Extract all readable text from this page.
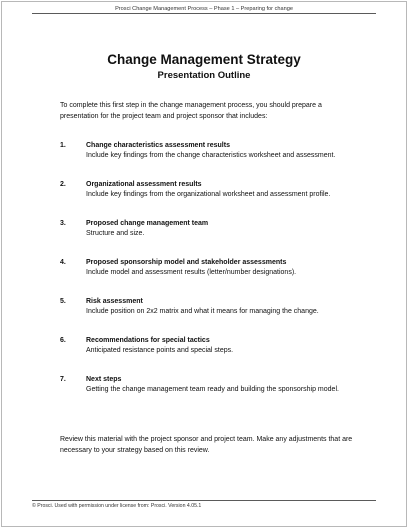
Prosci Change Management Process – Phase 1 – Preparing for change
Change Management Strategy
Presentation Outline
To complete this first step in the change management process, you should prepare a presentation for the project team and project sponsor that includes:
1.	Change characteristics assessment results
Include key findings from the change characteristics worksheet and assessment.
2.	Organizational assessment results
Include key findings from the organizational worksheet and assessment profile.
3.	Proposed change management team
Structure and size.
4.	Proposed sponsorship model and stakeholder assessments
Include model and assessment results (letter/number designations).
5.	Risk assessment
Include position on 2x2 matrix and what it means for managing the change.
6.	Recommendations for special tactics
Anticipated resistance points and special steps.
7.	Next steps
Getting the change management team ready and building the sponsorship model.
Review this material with the project sponsor and project team. Make any adjustments that are necessary to your strategy based on this review.
© Prosci. Used with permission under license from: Prosci. Version 4.05.1
